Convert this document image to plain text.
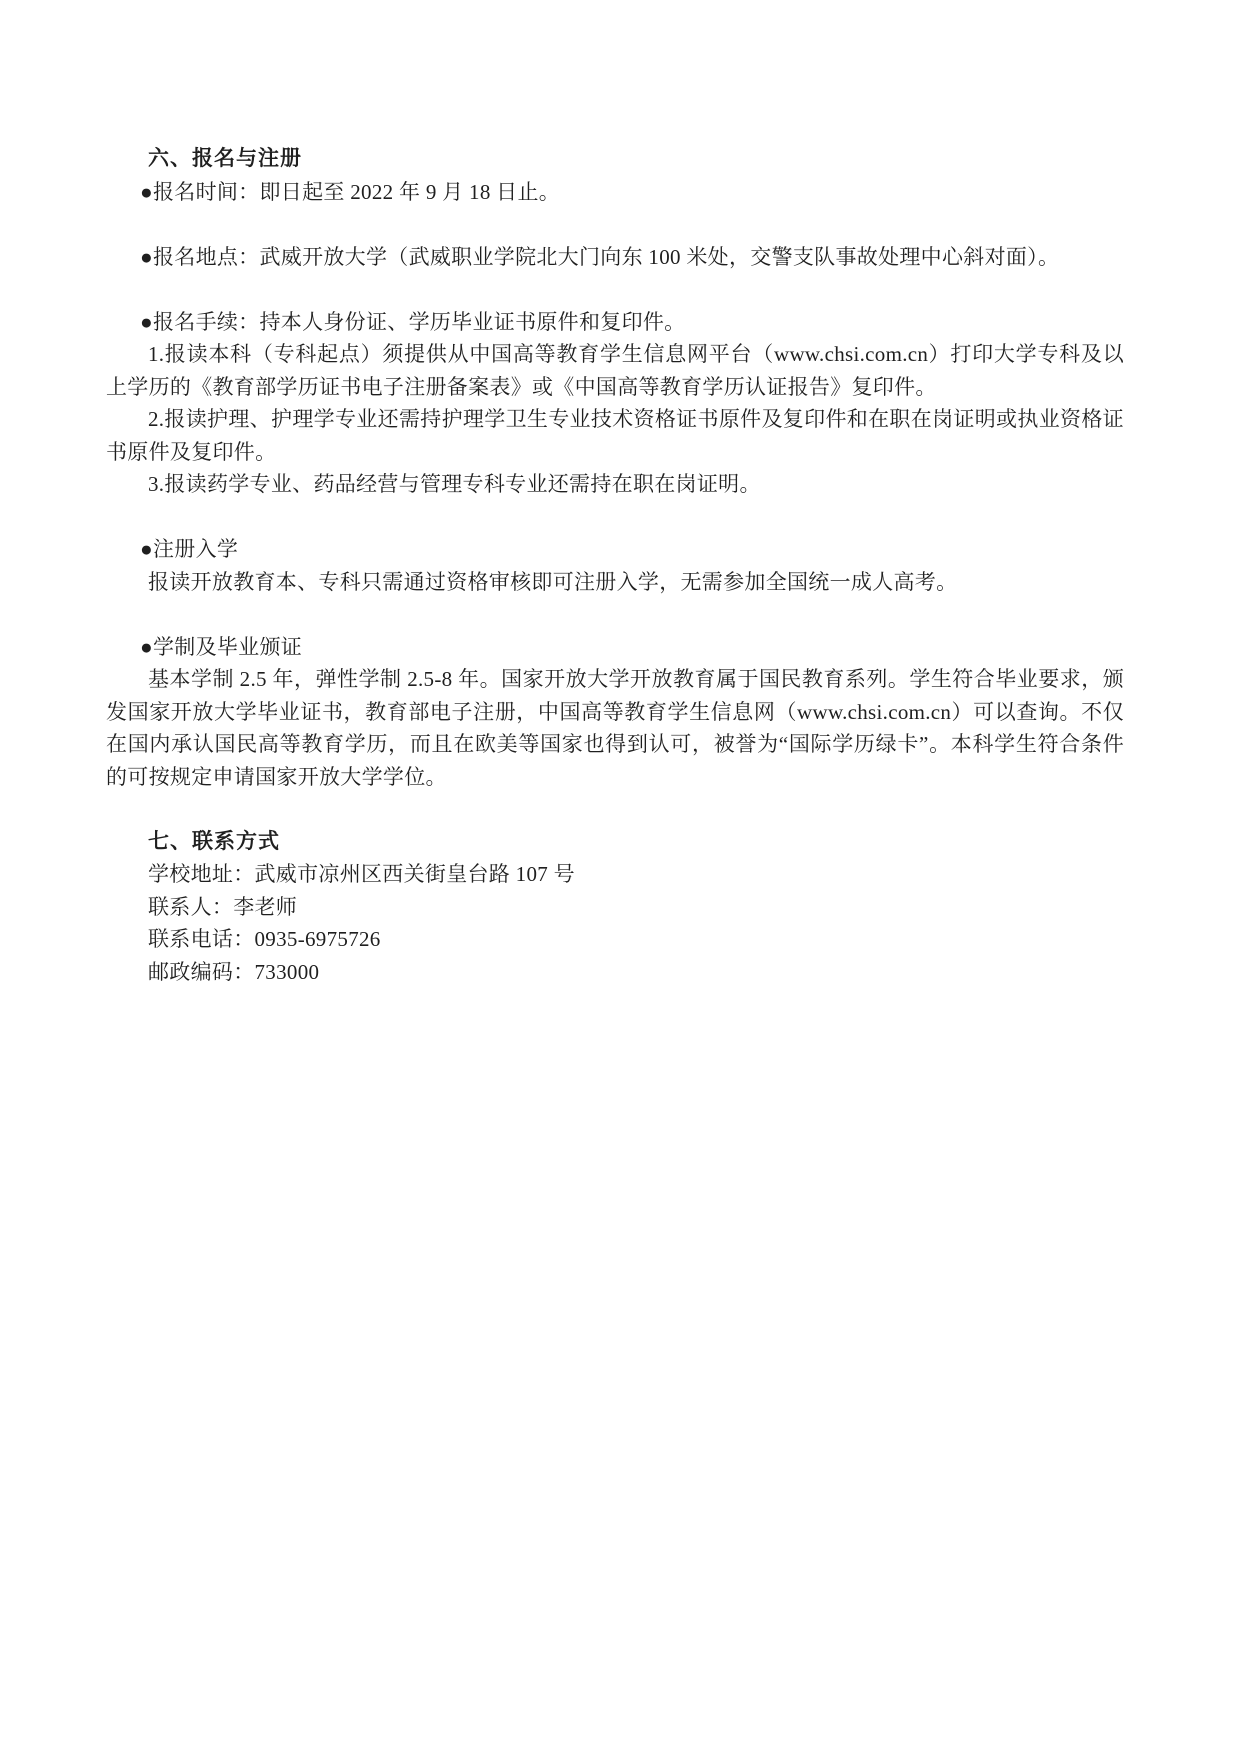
六、报名与注册

●报名时间：即日起至 2022 年 9 月 18 日止。

●报名地点：武威开放大学（武威职业学院北大门向东 100 米处，交警支队事故处理中心斜对面）。

●报名手续：持本人身份证、学历毕业证书原件和复印件。

1.报读本科（专科起点）须提供从中国高等教育学生信息网平台（www.chsi.com.cn）打印大学专科及以上学历的《教育部学历证书电子注册备案表》或《中国高等教育学历认证报告》复印件。

2.报读护理、护理学专业还需持护理学卫生专业技术资格证书原件及复印件和在职在岗证明或执业资格证书原件及复印件。

3.报读药学专业、药品经营与管理专科专业还需持在职在岗证明。

●注册入学

报读开放教育本、专科只需通过资格审核即可注册入学，无需参加全国统一成人高考。

●学制及毕业颁证

基本学制 2.5 年，弹性学制 2.5-8 年。国家开放大学开放教育属于国民教育系列。学生符合毕业要求，颁发国家开放大学毕业证书，教育部电子注册，中国高等教育学生信息网（www.chsi.com.cn）可以查询。不仅在国内承认国民高等教育学历，而且在欧美等国家也得到认可，被誉为“国际学历绿卡”。本科学生符合条件的可按规定申请国家开放大学学位。

七、联系方式

学校地址：武威市凉州区西关街皇台路 107 号

联系人：李老师

联系电话：0935-6975726

邮政编码：733000
